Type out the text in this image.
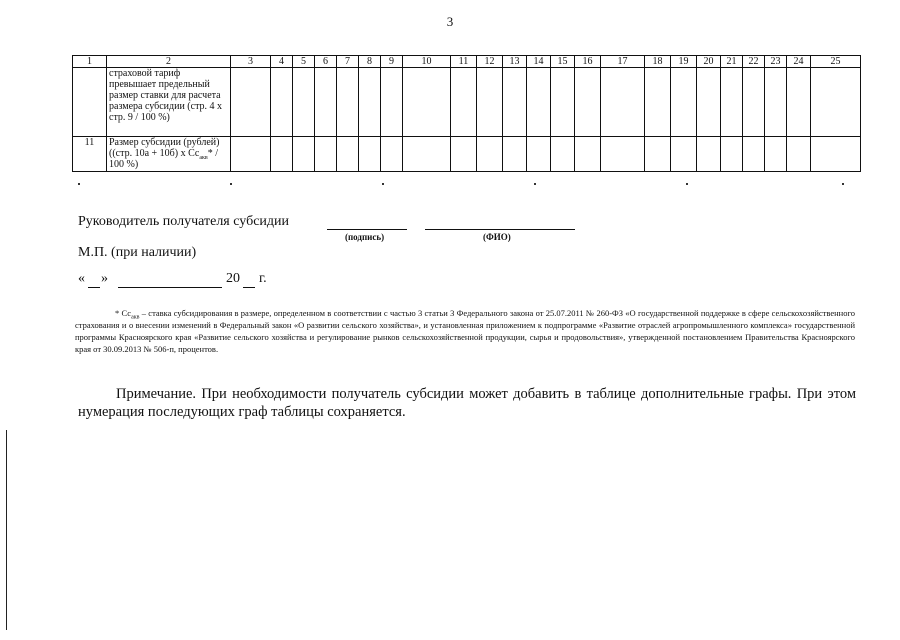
3
1	2	3	4	5	6	7	8	9	10	11	12	13	14	15	16	17	18	19	20	21	22	23	24	25
	страховой тариф превышает предельный размер ставки для расчета размера субсидии (стр. 4 х стр. 9 / 100 %)																							
11	Размер субсидии (рублей) ((стр. 10а + 10б) х $Сс_{акв}* / 100$ %)																							
Руководитель получателя субсидии
(подпись)	(ФИО)
М.П. (при наличии)
« »	20 г.
* $Сс_{акв}$ – ставка субсидирования в размере, определенном в соответствии с частью 3 статьи 3 Федерального закона от 25.07.2011 № 260-ФЗ «О государственной поддержке в сфере сельскохозяйственного страхования и о внесении изменений в Федеральный закон «О развитии сельского хозяйства», и установленная приложением к подпрограмме «Развитие отраслей агропромышленного комплекса» государственной программы Красноярского края «Развитие сельского хозяйства и регулирование рынков сельскохозяйственной продукции, сырья и продовольствия», утвержденной постановлением Правительства Красноярского края от 30.09.2013 № 506-п, процентов.
Примечание. При необходимости получатель субсидии может добавить в таблице дополнительные графы. При этом нумерация последующих граф таблицы сохраняется.
